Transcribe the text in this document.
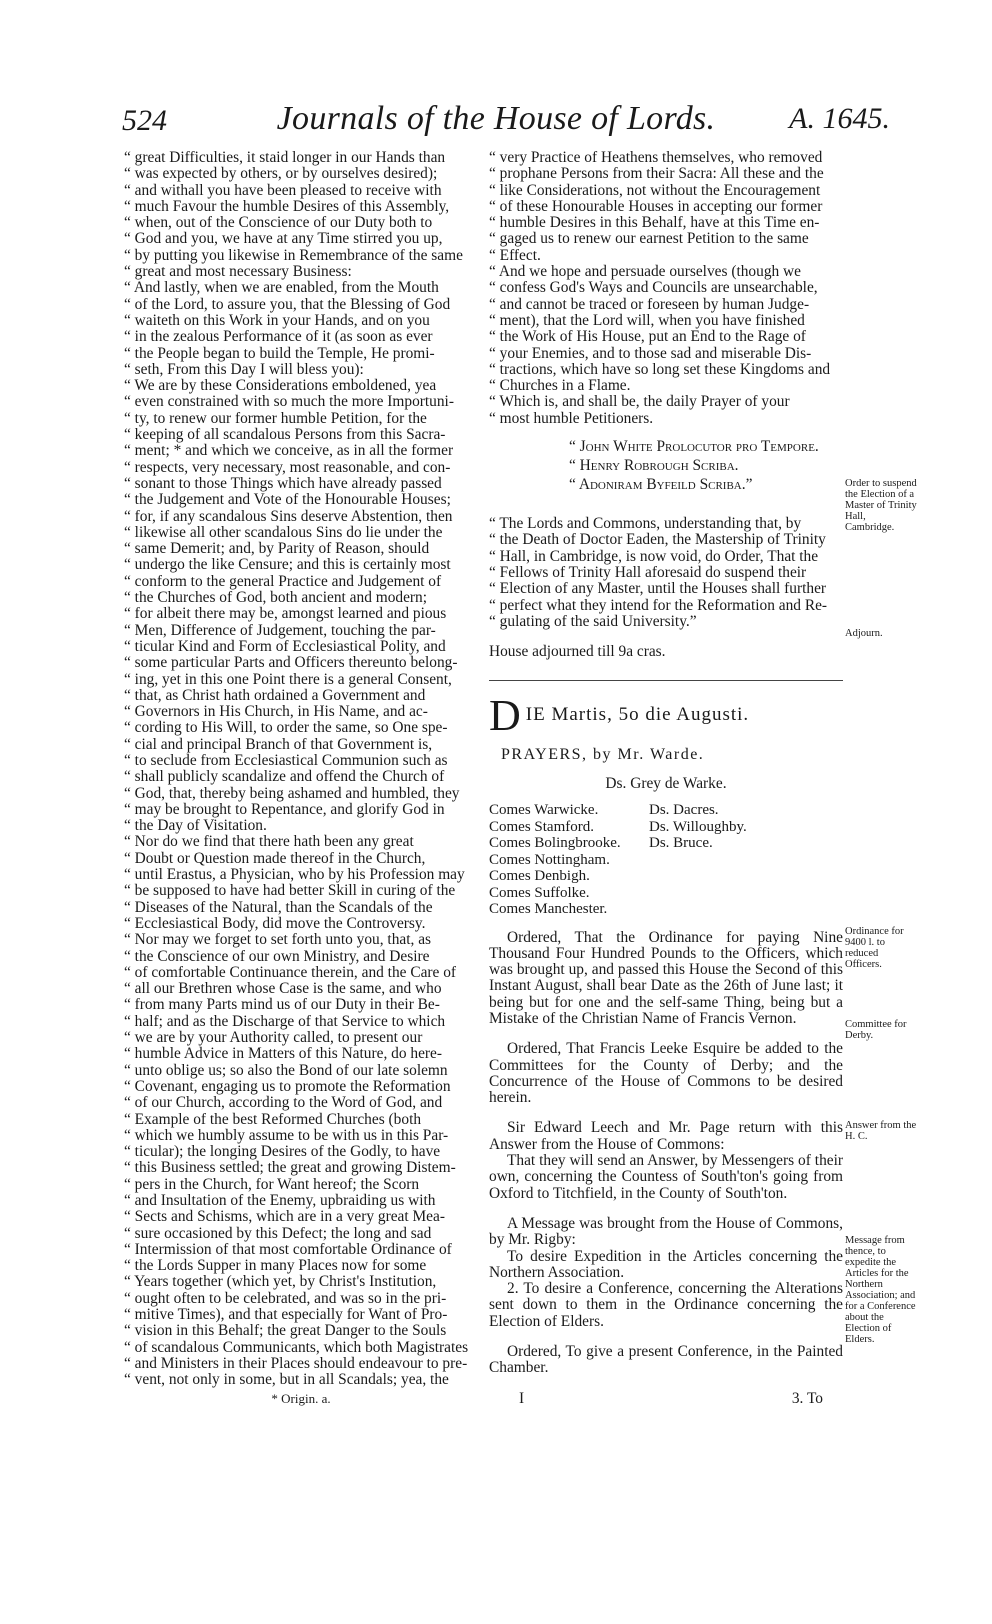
524	Journals of the House of Lords.	A. 1645.
“ great Difficulties, it staid longer in our Hands than
“ was expected by others, or by ourselves desired);
“ and withall you have been pleased to receive with
“ much Favour the humble Desires of this Assembly,
“ when, out of the Conscience of our Duty both to
“ God and you, we have at any Time stirred you up,
“ by putting you likewise in Remembrance of the same
“ great and most necessary Business:
“ And lastly, when we are enabled, from the Mouth
“ of the Lord, to assure you, that the Blessing of God
“ waiteth on this Work in your Hands, and on you
“ in the zealous Performance of it (as soon as ever
“ the People began to build the Temple, He promi-
“ seth, From this Day I will bless you):
“ We are by these Considerations emboldened, yea
“ even constrained with so much the more Importuni-
“ ty, to renew our former humble Petition, for the
“ keeping of all scandalous Persons from this Sacra-
“ ment; * and which we conceive, as in all the former
“ respects, very necessary, most reasonable, and con-
“ sonant to those Things which have already passed
“ the Judgement and Vote of the Honourable Houses;
“ for, if any scandalous Sins deserve Abstention, then
“ likewise all other scandalous Sins do lie under the
“ same Demerit; and, by Parity of Reason, should
“ undergo the like Censure; and this is certainly most
“ conform to the general Practice and Judgement of
“ the Churches of God, both ancient and modern;
“ for albeit there may be, amongst learned and pious
“ Men, Difference of Judgement, touching the par-
“ ticular Kind and Form of Ecclesiastical Polity, and
“ some particular Parts and Officers thereunto belong-
“ ing, yet in this one Point there is a general Consent,
“ that, as Christ hath ordained a Government and
“ Governors in His Church, in His Name, and ac-
“ cording to His Will, to order the same, so One spe-
“ cial and principal Branch of that Government is,
“ to seclude from Ecclesiastical Communion such as
“ shall publicly scandalize and offend the Church of
“ God, that, thereby being ashamed and humbled, they
“ may be brought to Repentance, and glorify God in
“ the Day of Visitation.
“ Nor do we find that there hath been any great
“ Doubt or Question made thereof in the Church,
“ until Erastus, a Physician, who by his Profession may
“ be supposed to have had better Skill in curing of the
“ Diseases of the Natural, than the Scandals of the
“ Ecclesiastical Body, did move the Controversy.
“ Nor may we forget to set forth unto you, that, as
“ the Conscience of our own Ministry, and Desire
“ of comfortable Continuance therein, and the Care of
“ all our Brethren whose Case is the same, and who
“ from many Parts mind us of our Duty in their Be-
“ half; and as the Discharge of that Service to which
“ we are by your Authority called, to present our
“ humble Advice in Matters of this Nature, do here-
“ unto oblige us; so also the Bond of our late solemn
“ Covenant, engaging us to promote the Reformation
“ of our Church, according to the Word of God, and
“ Example of the best Reformed Churches (both
“ which we humbly assume to be with us in this Par-
“ ticular); the longing Desires of the Godly, to have
“ this Business settled; the great and growing Distem-
“ pers in the Church, for Want hereof; the Scorn
“ and Insultation of the Enemy, upbraiding us with
“ Sects and Schisms, which are in a very great Mea-
“ sure occasioned by this Defect; the long and sad
“ Intermission of that most comfortable Ordinance of
“ the Lords Supper in many Places now for some
“ Years together (which yet, by Christ's Institution,
“ ought often to be celebrated, and was so in the pri-
“ mitive Times), and that especially for Want of Pro-
“ vision in this Behalf; the great Danger to the Souls
“ of scandalous Communicants, which both Magistrates
“ and Ministers in their Places should endeavour to pre-
“ vent, not only in some, but in all Scandals; yea, the
* Origin. a.
“ very Practice of Heathens themselves, who removed
“ prophane Persons from their Sacra: All these and the
“ like Considerations, not without the Encouragement
“ of these Honourable Houses in accepting our former
“ humble Desires in this Behalf, have at this Time en-
“ gaged us to renew our earnest Petition to the same
“ Effect.
“ And we hope and persuade ourselves (though we
“ confess God's Ways and Councils are unsearchable,
“ and cannot be traced or foreseen by human Judge-
“ ment), that the Lord will, when you have finished
“ the Work of His House, put an End to the Rage of
“ your Enemies, and to those sad and miserable Dis-
“ tractions, which have so long set these Kingdoms and
“ Churches in a Flame.
“ Which is, and shall be, the daily Prayer of your
“ most humble Petitioners.
“ John White Prolocutor pro Tempore.
“ Henry Robrough Scriba.
“ Adoniram Byfeild Scriba.”
“ The Lords and Commons, understanding that, by
“ the Death of Doctor Eaden, the Mastership of Trinity
“ Hall, in Cambridge, is now void, do Order, That the
“ Fellows of Trinity Hall aforesaid do suspend their
“ Election of any Master, until the Houses shall further
“ perfect what they intend for the Reformation and Re-
“ gulating of the said University.”
House adjourned till 9a cras.
D IE Martis, 5o die Augusti.
PRAYERS, by Mr. Warde.
Ds. Grey de Warke.
Comes Warwicke.
Comes Stamford.
Comes Bolingbrooke.
Comes Nottingham.
Comes Denbigh.
Comes Suffolke.
Comes Manchester.
Ds. Dacres.
Ds. Willoughby.
Ds. Bruce.
Ordered, That the Ordinance for paying Nine Thousand Four Hundred Pounds to the Officers, which was brought up, and passed this House the Second of this Instant August, shall bear Date as the 26th of June last; it being but for one and the self-same Thing, being but a Mistake of the Christian Name of Francis Vernon.
Ordered, That Francis Leeke Esquire be added to the Committees for the County of Derby; and the Concurrence of the House of Commons to be desired herein.
Sir Edward Leech and Mr. Page return with this Answer from the House of Commons:
That they will send an Answer, by Messengers of their own, concerning the Countess of South'ton's going from Oxford to Titchfield, in the County of South'ton.
A Message was brought from the House of Commons, by Mr. Rigby:
To desire Expedition in the Articles concerning the Northern Association.
2. To desire a Conference, concerning the Alterations sent down to them in the Ordinance concerning the Election of Elders.
Ordered, To give a present Conference, in the Painted Chamber.
I	3. To
Order to suspend the Election of a Master of Trinity Hall, Cambridge.
Adjourn.
Ordinance for 9400 l. to reduced Officers.
Committee for Derby.
Answer from the H. C.
Message from thence, to expedite the Articles for the Northern Association; and for a Conference about the Election of Elders.
